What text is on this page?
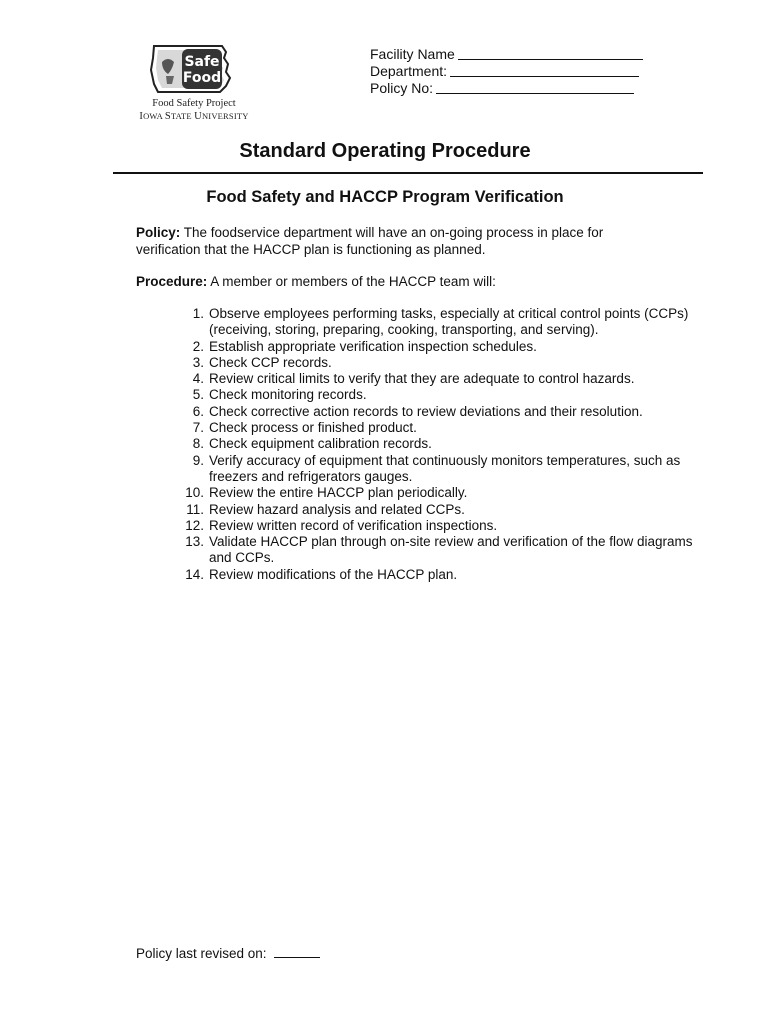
Safe
Food
Food Safety Project
IOWA STATE UNIVERSITY
Facility Name
Department:
Policy No:
Standard Operating Procedure
Food Safety and HACCP Program Verification
Policy: The foodservice department will have an on-going process in place for verification that the HACCP plan is functioning as planned.
Procedure: A member or members of the HACCP team will:
1. Observe employees performing tasks, especially at critical control points (CCPs) (receiving, storing, preparing, cooking, transporting, and serving).
2. Establish appropriate verification inspection schedules.
3. Check CCP records.
4. Review critical limits to verify that they are adequate to control hazards.
5. Check monitoring records.
6. Check corrective action records to review deviations and their resolution.
7. Check process or finished product.
8. Check equipment calibration records.
9. Verify accuracy of equipment that continuously monitors temperatures, such as freezers and refrigerators gauges.
10. Review the entire HACCP plan periodically.
11. Review hazard analysis and related CCPs.
12. Review written record of verification inspections.
13. Validate HACCP plan through on-site review and verification of the flow diagrams and CCPs.
14. Review modifications of the HACCP plan.
Policy last revised on:
